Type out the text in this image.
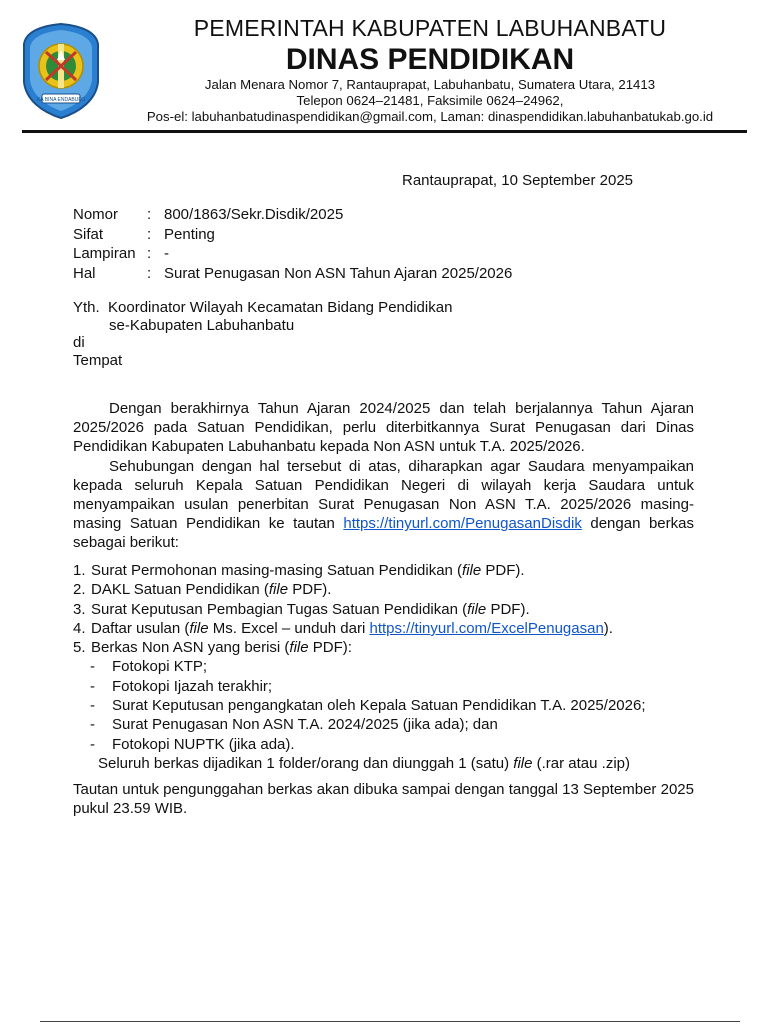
KA BINA ENDABULO
PEMERINTAH KABUPATEN LABUHANBATU
DINAS PENDIDIKAN
Jalan Menara Nomor 7, Rantauprapat, Labuhanbatu, Sumatera Utara, 21413
Telepon 0624–21481, Faksimile 0624–24962,
Pos-el: labuhanbatudinaspendidikan@gmail.com, Laman: dinaspendidikan.labuhanbatukab.go.id
Rantauprapat, 10 September 2025
Nomor	: 800/1863/Sekr.Disdik/2025
Sifat	: Penting
Lampiran : -
Hal	: Surat Penugasan Non ASN Tahun Ajaran 2025/2026
Yth. Koordinator Wilayah Kecamatan Bidang Pendidikan
se-Kabupaten Labuhanbatu
di
Tempat

Dengan berakhirnya Tahun Ajaran 2024/2025 dan telah berjalannya Tahun Ajaran 2025/2026 pada Satuan Pendidikan, perlu diterbitkannya Surat Penugasan dari Dinas Pendidikan Kabupaten Labuhanbatu kepada Non ASN untuk T.A. 2025/2026.

Sehubungan dengan hal tersebut di atas, diharapkan agar Saudara menyampaikan kepada seluruh Kepala Satuan Pendidikan Negeri di wilayah kerja Saudara untuk menyampaikan usulan penerbitan Surat Penugasan Non ASN T.A. 2025/2026 masing-masing Satuan Pendidikan ke tautan https://tinyurl.com/PenugasanDisdik dengan berkas sebagai berikut:

1. Surat Permohonan masing-masing Satuan Pendidikan (file PDF).
2. DAKL Satuan Pendidikan (file PDF).
3. Surat Keputusan Pembagian Tugas Satuan Pendidikan (file PDF).
4. Daftar usulan (file Ms. Excel – unduh dari https://tinyurl.com/ExcelPenugasan).
5. Berkas Non ASN yang berisi (file PDF):
-	Fotokopi KTP;
-	Fotokopi Ijazah terakhir;
-	Surat Keputusan pengangkatan oleh Kepala Satuan Pendidikan T.A. 2025/2026;
-	Surat Penugasan Non ASN T.A. 2024/2025 (jika ada); dan
-	Fotokopi NUPTK (jika ada).
Seluruh berkas dijadikan 1 folder/orang dan diunggah 1 (satu) file (.rar atau .zip)
Tautan untuk pengunggahan berkas akan dibuka sampai dengan tanggal 13 September 2025 pukul 23.59 WIB.
